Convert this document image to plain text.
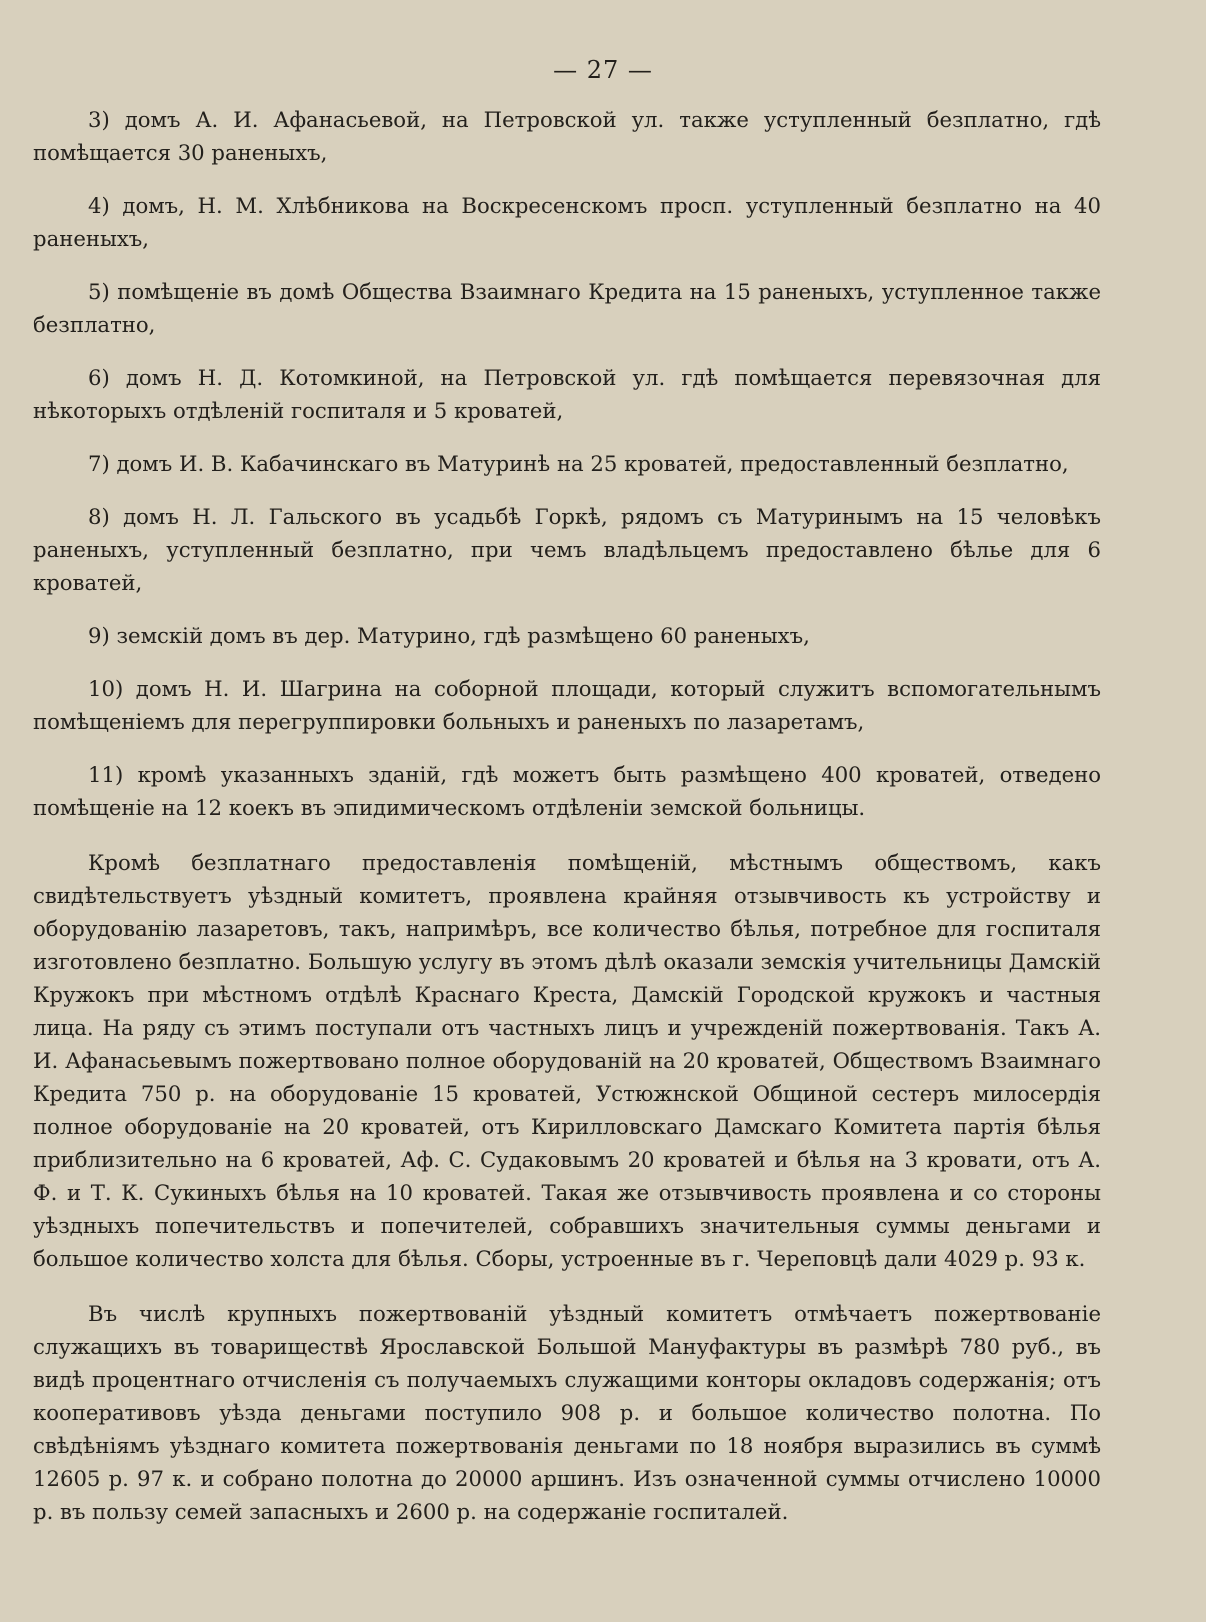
— 27 —

3) домъ А. И. Афанасьевой, на Петровской ул. также уступленный безплатно, гдѣ помѣщается 30 раненыхъ,

4) домъ, Н. М. Хлѣбникова на Воскресенскомъ просп. уступленный безплатно на 40 раненыхъ,

5) помѣщеніе въ домѣ Общества Взаимнаго Кредита на 15 раненыхъ, уступленное также безплатно,

6) домъ Н. Д. Котомкиной, на Петровской ул. гдѣ помѣщается перевязочная для нѣкоторыхъ отдѣленій госпиталя и 5 кроватей,

7) домъ И. В. Кабачинскаго въ Матуринѣ на 25 кроватей, предоставленный безплатно,

8) домъ Н. Л. Гальского въ усадьбѣ Горкѣ, рядомъ съ Матуринымъ на 15 человѣкъ раненыхъ, уступленный безплатно, при чемъ владѣльцемъ предоставлено бѣлье для 6 кроватей,

9) земскій домъ въ дер. Матурино, гдѣ размѣщено 60 раненыхъ,

10) домъ Н. И. Шагрина на соборной площади, который служитъ вспомогательнымъ помѣщеніемъ для перегруппировки больныхъ и раненыхъ по лазаретамъ,

11) кромѣ указанныхъ зданій, гдѣ можетъ быть размѣщено 400 кроватей, отведено помѣщеніе на 12 коекъ въ эпидимическомъ отдѣленіи земской больницы.

Кромѣ безплатнаго предоставленія помѣщеній, мѣстнымъ обществомъ, какъ свидѣтельствуетъ уѣздный комитетъ, проявлена крайняя отзывчивость къ устройству и оборудованію лазаретовъ, такъ, напримѣръ, все количество бѣлья, потребное для госпиталя изготовлено безплатно. Большую услугу въ этомъ дѣлѣ оказали земскія учительницы Дамскій Кружокъ при мѣстномъ отдѣлѣ Краснаго Креста, Дамскій Городской кружокъ и частныя лица. На ряду съ этимъ поступали отъ частныхъ лицъ и учрежденій пожертвованія. Такъ А. И. Афанасьевымъ пожертвовано полное оборудованій на 20 кроватей, Обществомъ Взаимнаго Кредита 750 р. на оборудованіе 15 кроватей, Устюжнской Общиной сестеръ милосердія полное оборудованіе на 20 кроватей, отъ Кирилловскаго Дамскаго Комитета партія бѣлья приблизительно на 6 кроватей, Аф. С. Судаковымъ 20 кроватей и бѣлья на 3 кровати, отъ А. Ф. и Т. К. Сукиныхъ бѣлья на 10 кроватей. Такая же отзывчивость проявлена и со стороны уѣздныхъ попечительствъ и попечителей, собравшихъ значительныя суммы деньгами и большое количество холста для бѣлья. Сборы, устроенные въ г. Череповцѣ дали 4029 р. 93 к.

Въ числѣ крупныхъ пожертвованій уѣздный комитетъ отмѣчаетъ пожертвованіе служащихъ въ товариществѣ Ярославской Большой Мануфактуры въ размѣрѣ 780 руб., въ видѣ процентнаго отчисленія съ получаемыхъ служащими конторы окладовъ содержанія; отъ кооперативовъ уѣзда деньгами поступило 908 р. и большое количество полотна. По свѣдѣніямъ уѣзднаго комитета пожертвованія деньгами по 18 ноября выразились въ суммѣ 12605 р. 97 к. и собрано полотна до 20000 аршинъ. Изъ означенной суммы отчислено 10000 р. въ пользу семей запасныхъ и 2600 р. на содержаніе госпиталей.
